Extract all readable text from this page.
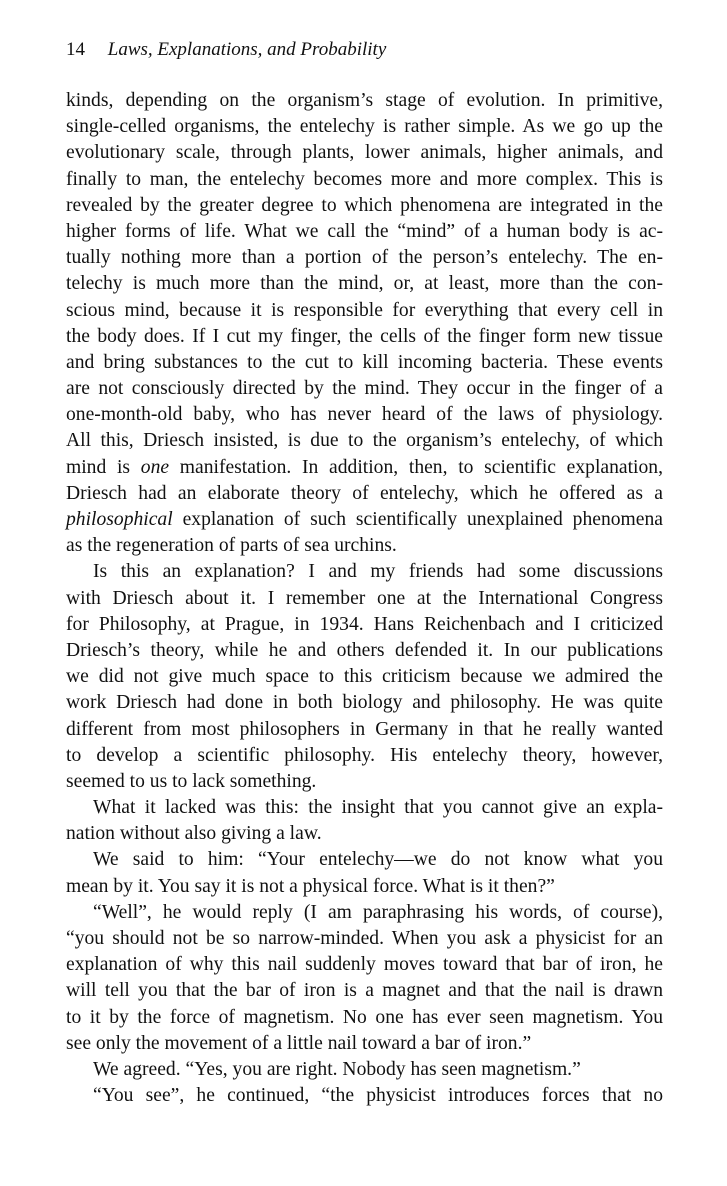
14 Laws, Explanations, and Probability
kinds, depending on the organism’s stage of evolution. In primitive,
single-celled organisms, the entelechy is rather simple. As we go up the
evolutionary scale, through plants, lower animals, higher animals, and
finally to man, the entelechy becomes more and more complex. This is
revealed by the greater degree to which phenomena are integrated in the
higher forms of life. What we call the “mind” of a human body is ac-
tually nothing more than a portion of the person’s entelechy. The en-
telechy is much more than the mind, or, at least, more than the con-
scious mind, because it is responsible for everything that every cell in
the body does. If I cut my finger, the cells of the finger form new tissue
and bring substances to the cut to kill incoming bacteria. These events
are not consciously directed by the mind. They occur in the finger of a
one-month-old baby, who has never heard of the laws of physiology.
All this, Driesch insisted, is due to the organism’s entelechy, of which
mind is one manifestation. In addition, then, to scientific explanation,
Driesch had an elaborate theory of entelechy, which he offered as a
philosophical explanation of such scientifically unexplained phenomena
as the regeneration of parts of sea urchins.
Is this an explanation? I and my friends had some discussions
with Driesch about it. I remember one at the International Congress
for Philosophy, at Prague, in 1934. Hans Reichenbach and I criticized
Driesch’s theory, while he and others defended it. In our publications
we did not give much space to this criticism because we admired the
work Driesch had done in both biology and philosophy. He was quite
different from most philosophers in Germany in that he really wanted
to develop a scientific philosophy. His entelechy theory, however,
seemed to us to lack something.
What it lacked was this: the insight that you cannot give an expla-
nation without also giving a law.
We said to him: “Your entelechy—we do not know what you
mean by it. You say it is not a physical force. What is it then?”
“Well”, he would reply (I am paraphrasing his words, of course),
“you should not be so narrow-minded. When you ask a physicist for an
explanation of why this nail suddenly moves toward that bar of iron, he
will tell you that the bar of iron is a magnet and that the nail is drawn
to it by the force of magnetism. No one has ever seen magnetism. You
see only the movement of a little nail toward a bar of iron.”
We agreed. “Yes, you are right. Nobody has seen magnetism.”
“You see”, he continued, “the physicist introduces forces that no
